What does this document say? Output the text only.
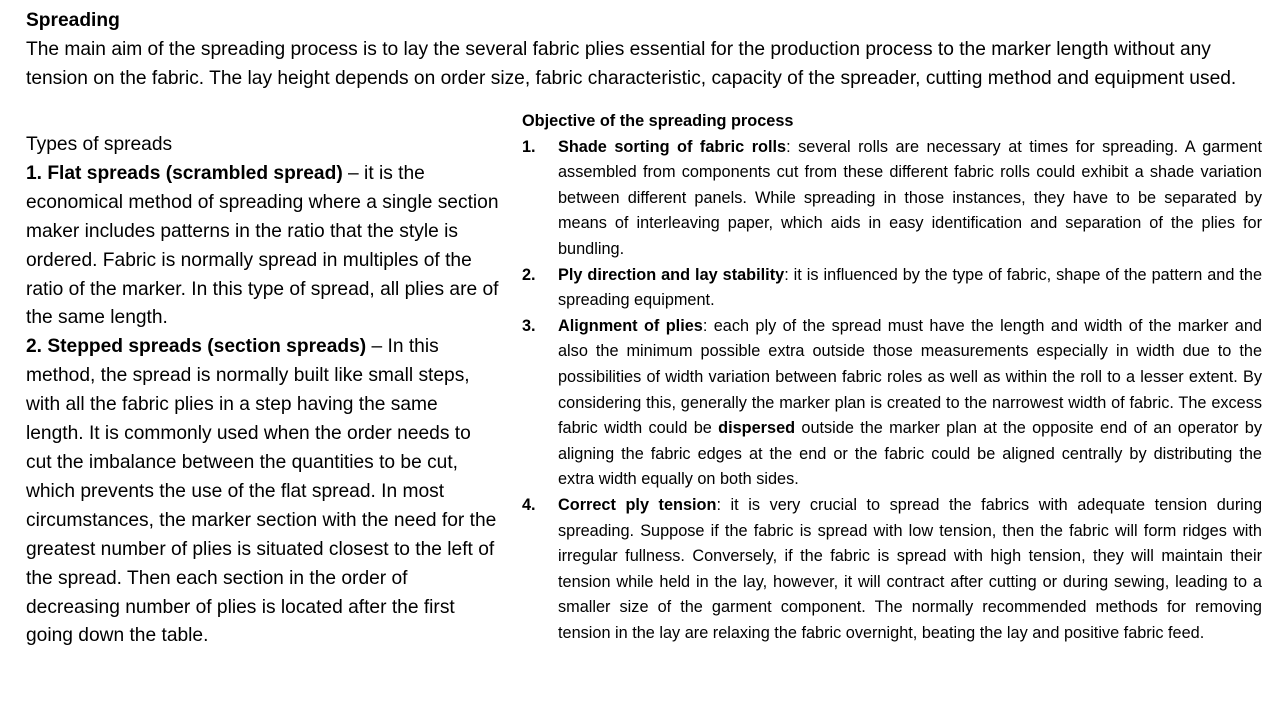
Spreading
The main aim of the spreading process is to lay the several fabric plies essential for the production process to the marker length without any tension on the fabric. The lay height depends on order size, fabric characteristic, capacity of the spreader, cutting method and equipment used.
Types of spreads
1. Flat spreads (scrambled spread) – it is the economical method of spreading where a single section maker includes patterns in the ratio that the style is ordered. Fabric is normally spread in multiples of the ratio of the marker. In this type of spread, all plies are of the same length.
2. Stepped spreads (section spreads) – In this method, the spread is normally built like small steps, with all the fabric plies in a step having the same length. It is commonly used when the order needs to cut the imbalance between the quantities to be cut, which prevents the use of the flat spread. In most circumstances, the marker section with the need for the greatest number of plies is situated closest to the left of the spread. Then each section in the order of decreasing number of plies is located after the first going down the table.
Objective of the spreading process
1. Shade sorting of fabric rolls: several rolls are necessary at times for spreading. A garment assembled from components cut from these different fabric rolls could exhibit a shade variation between different panels. While spreading in those instances, they have to be separated by means of interleaving paper, which aids in easy identification and separation of the plies for bundling.
2. Ply direction and lay stability: it is influenced by the type of fabric, shape of the pattern and the spreading equipment.
3. Alignment of plies: each ply of the spread must have the length and width of the marker and also the minimum possible extra outside those measurements especially in width due to the possibilities of width variation between fabric roles as well as within the roll to a lesser extent. By considering this, generally the marker plan is created to the narrowest width of fabric. The excess fabric width could be dispersed outside the marker plan at the opposite end of an operator by aligning the fabric edges at the end or the fabric could be aligned centrally by distributing the extra width equally on both sides.
4. Correct ply tension: it is very crucial to spread the fabrics with adequate tension during spreading. Suppose if the fabric is spread with low tension, then the fabric will form ridges with irregular fullness. Conversely, if the fabric is spread with high tension, they will maintain their tension while held in the lay, however, it will contract after cutting or during sewing, leading to a smaller size of the garment component. The normally recommended methods for removing tension in the lay are relaxing the fabric overnight, beating the lay and positive fabric feed.
